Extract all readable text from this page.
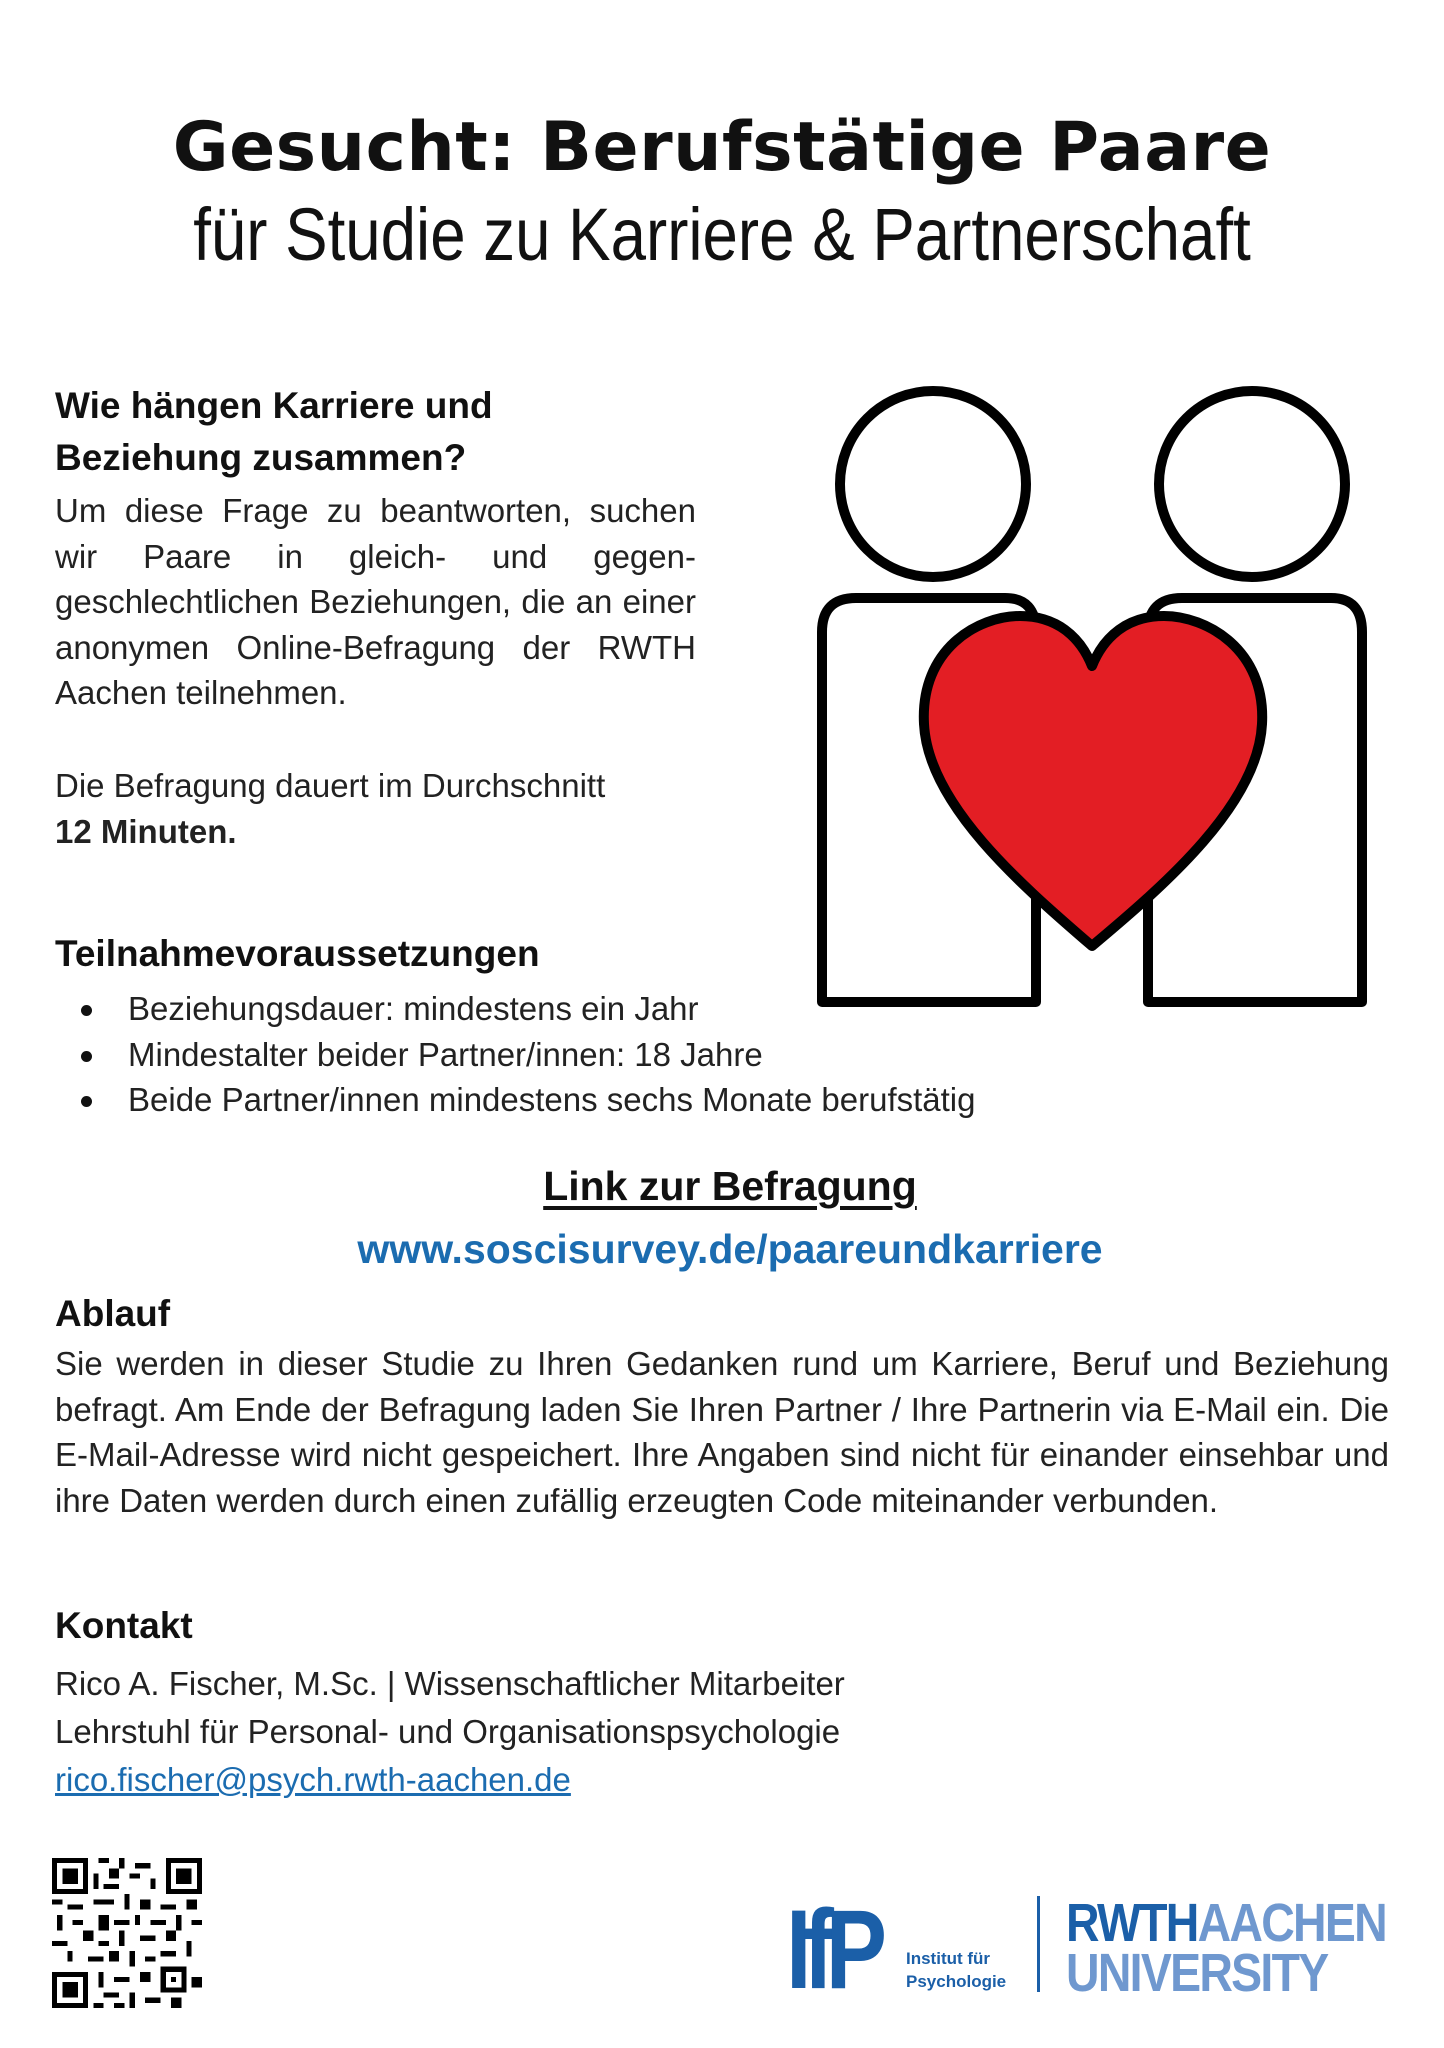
Gesucht: Berufstätige Paare
für Studie zu Karriere & Partnerschaft
Wie hängen Karriere und
Beziehung zusammen?
Um diese Frage zu beantworten, suchen wir Paare in gleich- und gegengeschlechtlichen Beziehungen, die an einer anonymen Online-Befragung der RWTH Aachen teilnehmen.
Die Befragung dauert im Durchschnitt
12 Minuten.
Teilnahmevoraussetzungen
Beziehungsdauer: mindestens ein Jahr
Mindestalter beider Partner/innen: 18 Jahre
Beide Partner/innen mindestens sechs Monate berufstätig
Link zur Befragung
www.soscisurvey.de/paareundkarriere
Ablauf
Sie werden in dieser Studie zu Ihren Gedanken rund um Karriere, Beruf und Beziehung befragt. Am Ende der Befragung laden Sie Ihren Partner / Ihre Partnerin via E-Mail ein. Die E-Mail-Adresse wird nicht gespeichert. Ihre Angaben sind nicht für einander einsehbar und ihre Daten werden durch einen zufällig erzeugten Code miteinander verbunden.
Kontakt
Rico A. Fischer, M.Sc. | Wissenschaftlicher Mitarbeiter
Lehrstuhl für Personal- und Organisationspsychologie
rico.fischer@psych.rwth-aachen.de
IfP	Institut für
Psychologie
RWTHAACHEN
UNIVERSITY
